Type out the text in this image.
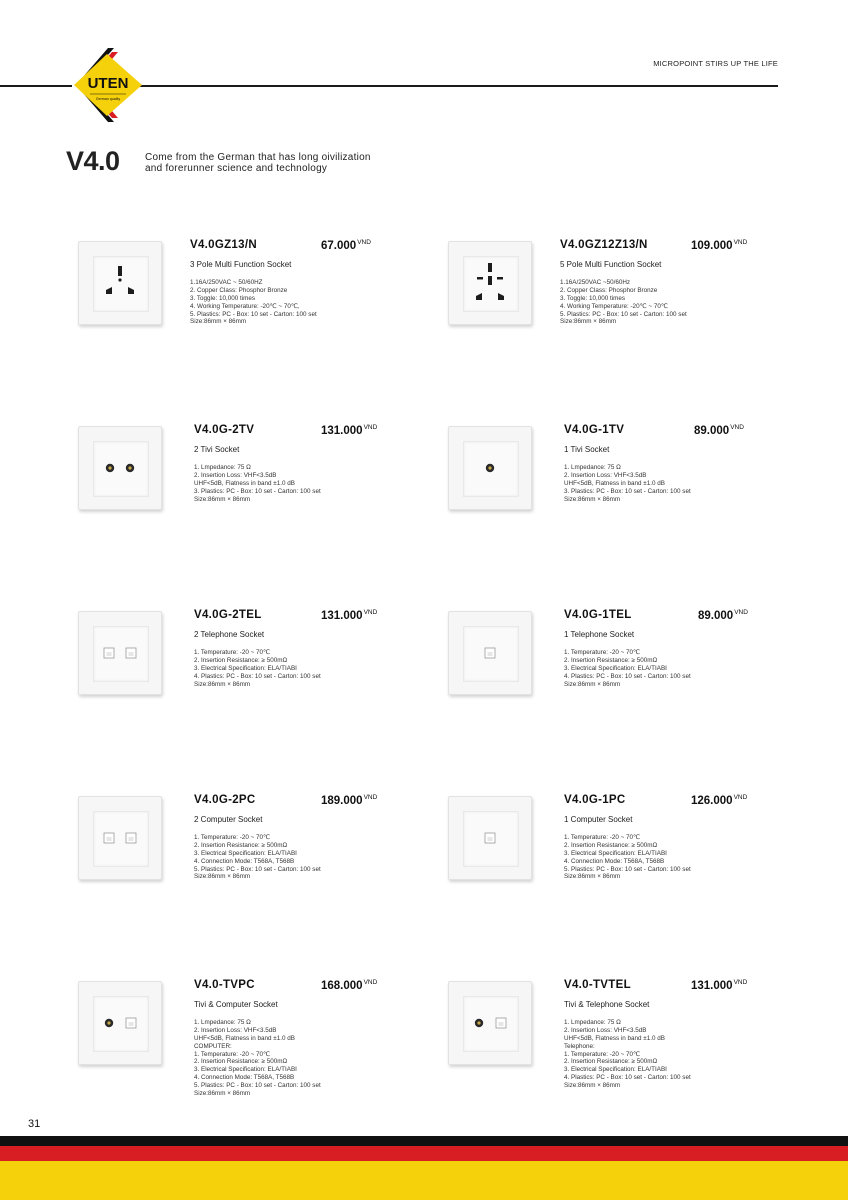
MICROPOINT STIRS UP THE LIFE
UTEN
German quality
V4.0	Come from the German that has long oivilization
and forerunner science and technology
V4.0GZ13/N	$67.000^{VND}$
3 Pole Multi Function Socket
1.16A/250VAC ~ 50/60HZ
2. Copper Class: Phosphor Bronze
3. Toggle: 10,000 times
4. Working Temperature: -20℃ ~ 70℃,
5. Plastics: PC - Box: 10 set - Carton: 100 set
Size:86mm × 86mm
V4.0GZ12Z13/N	$109.000^{VND}$
5 Pole Multi Function Socket
1.16A/250VAC ~50/60Hz
2. Copper Class: Phosphor Bronze
3. Toggle: 10,000 times
4. Working Temperature: -20℃ ~ 70℃
5. Plastics: PC - Box: 10 set - Carton: 100 set
Size:86mm × 86mm
V4.0G-2TV	$131.000^{VND}$
2 Tivi Socket
1. Lmpedance: 75 Ω
2. Insertion Loss: VHF<3.5dB
UHF<5dB, Flatness in band ±1.0 dB
3. Plastics: PC - Box: 10 set - Carton: 100 set
Size:86mm × 86mm
V4.0G-1TV	$89.000^{VND}$
1 Tivi Socket
1. Lmpedance: 75 Ω
2. Insertion Loss: VHF<3.5dB
UHF<5dB, Flatness in band ±1.0 dB
3. Plastics: PC - Box: 10 set - Carton: 100 set
Size:86mm × 86mm
V4.0G-2TEL	$131.000^{VND}$
2 Telephone Socket
1. Temperature: -20 ~ 70℃
2. Insertion Resistance: ≥ 500mΩ
3. Electrical Specification: ELA/TIABI
4. Plastics: PC - Box: 10 set - Carton: 100 set
Size:86mm × 86mm
V4.0G-1TEL	$89.000^{VND}$
1 Telephone Socket
1. Temperature: -20 ~ 70℃
2. Insertion Resistance: ≥ 500mΩ
3. Electrical Specification: ELA/TIABI
4. Plastics: PC - Box: 10 set - Carton: 100 set
Size:86mm × 86mm
V4.0G-2PC	$189.000^{VND}$
2 Computer Socket
1. Temperature: -20 ~ 70℃
2. Insertion Resistance: ≥ 500mΩ
3. Electrical Specification: ELA/TIABI
4. Connection Mode: T568A, T568B
5. Plastics: PC - Box: 10 set - Carton: 100 set
Size:86mm × 86mm
V4.0G-1PC	$126.000^{VND}$
1 Computer Socket
1. Temperature: -20 ~ 70℃
2. Insertion Resistance: ≥ 500mΩ
3. Electrical Specification: ELA/TIABI
4. Connection Mode: T568A, T568B
5. Plastics: PC - Box: 10 set - Carton: 100 set
Size:86mm × 86mm
V4.0-TVPC	$168.000^{VND}$
Tivi & Computer Socket
1. Lmpedance: 75 Ω
2. Insertion Loss: VHF<3.5dB
UHF<5dB, Flatness in band ±1.0 dB
COMPUTER:
1. Temperature: -20 ~ 70℃
2. Insertion Resistance: ≥ 500mΩ
3. Electrical Specification: ELA/TIABI
4. Connection Mode: T568A, T568B
5. Plastics: PC - Box: 10 set - Carton: 100 set
Size:86mm × 86mm
V4.0-TVTEL	$131.000^{VND}$
Tivi & Telephone Socket
1. Lmpedance: 75 Ω
2. Insertion Loss: VHF<3.5dB
UHF<5dB, Flatness in band ±1.0 dB
Telephone:
1. Temperature: -20 ~ 70℃
2. Insertion Resistance: ≥ 500mΩ
3. Electrical Specification: ELA/TIABI
4. Plastics: PC - Box: 10 set - Carton: 100 set
Size:86mm × 86mm
31
